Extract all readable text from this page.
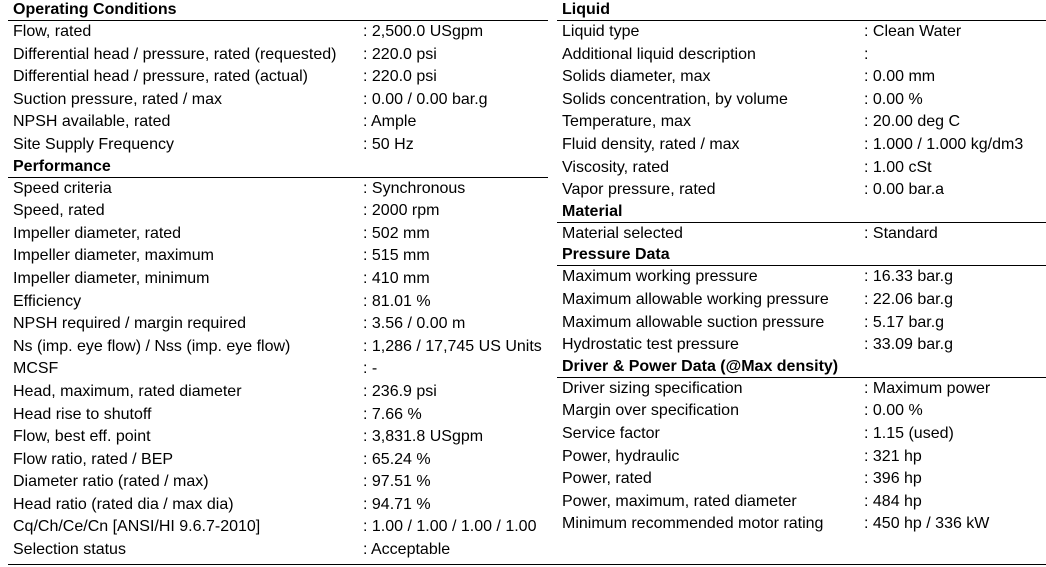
Operating Conditions
Flow, rated	: 2,500.0 USgpm
Differential head / pressure, rated (requested) : 220.0 psi
Differential head / pressure, rated (actual)	: 220.0 psi
Suction pressure, rated / max	: 0.00 / 0.00 bar.g
NPSH available, rated	: Ample
Site Supply Frequency	: 50 Hz
Performance
Speed criteria	: Synchronous
Speed, rated	: 2000 rpm
Impeller diameter, rated	: 502 mm
Impeller diameter, maximum	: 515 mm
Impeller diameter, minimum	: 410 mm
Efficiency	: 81.01 %
NPSH required / margin required	: 3.56 / 0.00 m
Ns (imp. eye flow) / Nss (imp. eye flow)	: 1,286 / 17,745 US Units
MCSF	: -
Head, maximum, rated diameter	: 236.9 psi
Head rise to shutoff	: 7.66 %
Flow, best eff. point	: 3,831.8 USgpm
Flow ratio, rated / BEP	: 65.24 %
Diameter ratio (rated / max)	: 97.51 %
Head ratio (rated dia / max dia)	: 94.71 %
Cq/Ch/Ce/Cn [ANSI/HI 9.6.7-2010]	: 1.00 / 1.00 / 1.00 / 1.00
Selection status	: Acceptable
Liquid
Liquid type	: Clean Water
Additional liquid description	:
Solids diameter, max	: 0.00 mm
Solids concentration, by volume	: 0.00 %
Temperature, max	: 20.00 deg C
Fluid density, rated / max	: 1.000 / 1.000 kg/dm3
Viscosity, rated	: 1.00 cSt
Vapor pressure, rated	: 0.00 bar.a
Material
Material selected	: Standard
Pressure Data
Maximum working pressure	: 16.33 bar.g
Maximum allowable working pressure : 22.06 bar.g
Maximum allowable suction pressure : 5.17 bar.g
Hydrostatic test pressure	: 33.09 bar.g
Driver & Power Data (@Max density)
Driver sizing specification	: Maximum power
Margin over specification	: 0.00 %
Service factor	: 1.15 (used)
Power, hydraulic	: 321 hp
Power, rated	: 396 hp
Power, maximum, rated diameter	: 484 hp
Minimum recommended motor rating	: 450 hp / 336 kW
